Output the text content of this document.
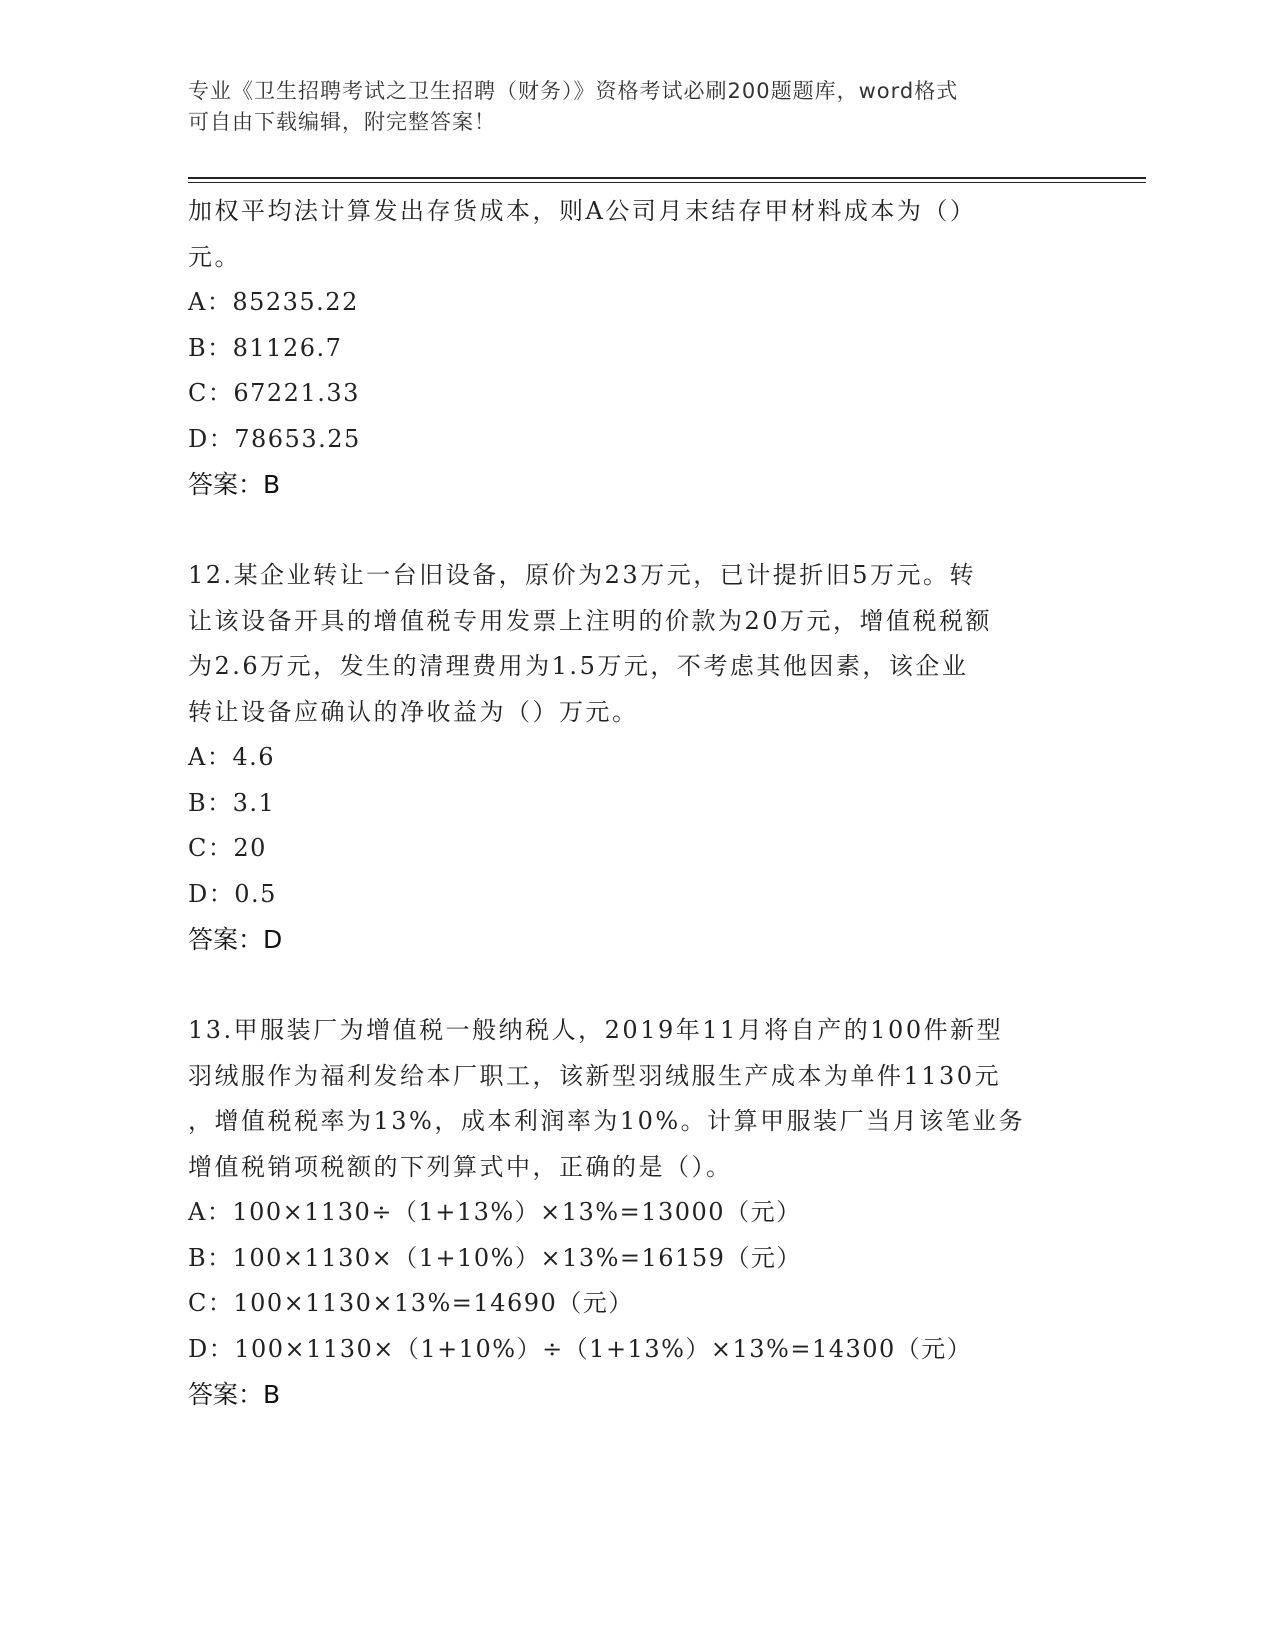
专业《卫生招聘考试之卫生招聘（财务）》资格考试必刷200题题库，word格式
可自由下载编辑，附完整答案！

加权平均法计算发出存货成本，则A公司月末结存甲材料成本为（）

元。

A：85235.22

B：81126.7

C：67221.33

D：78653.25

答案：B

12.某企业转让一台旧设备，原价为23万元，已计提折旧5万元。转

让该设备开具的增值税专用发票上注明的价款为20万元，增值税税额

为2.6万元，发生的清理费用为1.5万元，不考虑其他因素，该企业

转让设备应确认的净收益为（）万元。

A：4.6

B：3.1

C：20

D：0.5

答案：D

13.甲服装厂为增值税一般纳税人，2019年11月将自产的100件新型

羽绒服作为福利发给本厂职工，该新型羽绒服生产成本为单件1130元

，增值税税率为13%，成本利润率为10%。计算甲服装厂当月该笔业务

增值税销项税额的下列算式中，正确的是（）。

A：100×1130÷（1+13%）×13%=13000（元）

B：100×1130×（1+10%）×13%=16159（元）

C：100×1130×13%=14690（元）

D：100×1130×（1+10%）÷（1+13%）×13%=14300（元）

答案：B
